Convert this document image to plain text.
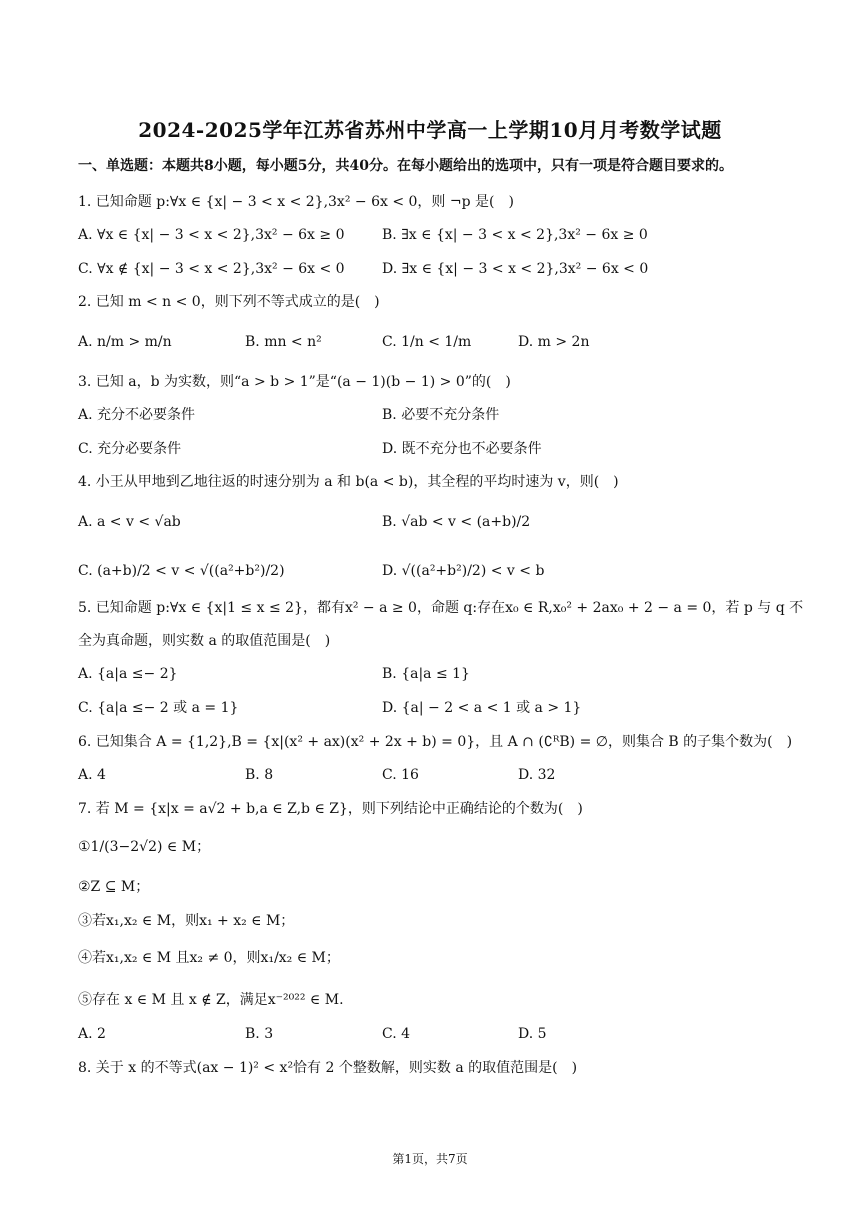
2024-2025学年江苏省苏州中学高一上学期10月月考数学试题
一、单选题：本题共8小题，每小题5分，共40分。在每小题给出的选项中，只有一项是符合题目要求的。
1. 已知命题 p:∀x ∈ {x| − 3 < x < 2},3x² − 6x < 0，则 ¬p 是(　)
A. ∀x ∈ {x| − 3 < x < 2},3x² − 6x ≥ 0	B. ∃x ∈ {x| − 3 < x < 2},3x² − 6x ≥ 0
C. ∀x ∉ {x| − 3 < x < 2},3x² − 6x < 0	D. ∃x ∈ {x| − 3 < x < 2},3x² − 6x < 0
2. 已知 m < n < 0，则下列不等式成立的是(　)
A. n/m > m/n	B. mn < n²	C. 1/n < 1/m	D. m > 2n
3. 已知 a，b 为实数，则“a > b > 1”是“(a − 1)(b − 1) > 0”的(　)
A. 充分不必要条件	B. 必要不充分条件
C. 充分必要条件	D. 既不充分也不必要条件
4. 小王从甲地到乙地往返的时速分别为 a 和 b(a < b)，其全程的平均时速为 v，则(　)
A. a < v < √ab	B. √ab < v < (a+b)/2
C. (a+b)/2 < v < √((a²+b²)/2)	D. √((a²+b²)/2) < v < b
5. 已知命题 p:∀x ∈ {x|1 ≤ x ≤ 2}，都有x² − a ≥ 0，命题 q:存在x₀ ∈ R,x₀² + 2ax₀ + 2 − a = 0，若 p 与 q 不
全为真命题，则实数 a 的取值范围是(　)
A. {a|a ≤− 2}	B. {a|a ≤ 1}
C. {a|a ≤− 2 或 a = 1}	D. {a| − 2 < a < 1 或 a > 1}
6. 已知集合 A = {1,2},B = {x|(x² + ax)(x² + 2x + b) = 0}，且 A ∩ (∁ᴿB) = ∅，则集合 B 的子集个数为(　)
A. 4	B. 8	C. 16	D. 32
7. 若 M = {x|x = a√2 + b,a ∈ Z,b ∈ Z}，则下列结论中正确结论的个数为(　)
①1/(3−2√2) ∈ M；
②Z ⊆ M；
③若x₁,x₂ ∈ M，则x₁ + x₂ ∈ M；
④若x₁,x₂ ∈ M 且x₂ ≠ 0，则x₁/x₂ ∈ M；
⑤存在 x ∈ M 且 x ∉ Z，满足x⁻²⁰²² ∈ M.
A. 2	B. 3	C. 4	D. 5
8. 关于 x 的不等式(ax − 1)² < x²恰有 2 个整数解，则实数 a 的取值范围是(　)
第1页，共7页
